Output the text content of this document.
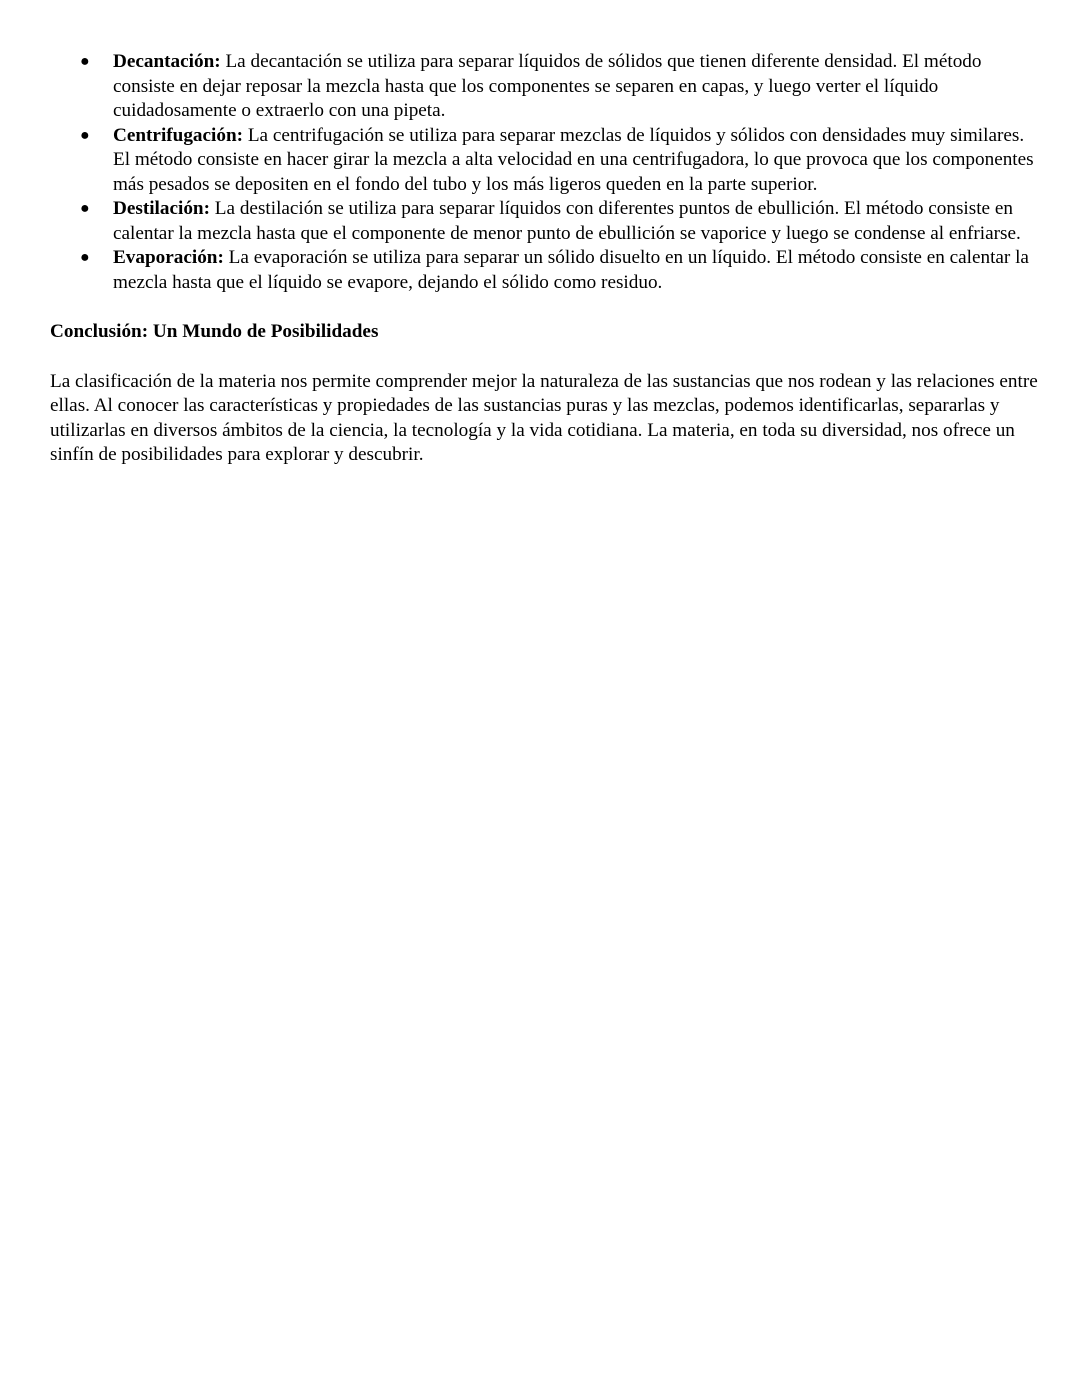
● Decantación: La decantación se utiliza para separar líquidos de sólidos que tienen diferente densidad. El método consiste en dejar reposar la mezcla hasta que los componentes se separen en capas, y luego verter el líquido cuidadosamente o extraerlo con una pipeta.
● Centrifugación: La centrifugación se utiliza para separar mezclas de líquidos y sólidos con densidades muy similares. El método consiste en hacer girar la mezcla a alta velocidad en una centrifugadora, lo que provoca que los componentes más pesados se depositen en el fondo del tubo y los más ligeros queden en la parte superior.
● Destilación: La destilación se utiliza para separar líquidos con diferentes puntos de ebullición. El método consiste en calentar la mezcla hasta que el componente de menor punto de ebullición se vaporice y luego se condense al enfriarse.
● Evaporación: La evaporación se utiliza para separar un sólido disuelto en un líquido. El método consiste en calentar la mezcla hasta que el líquido se evapore, dejando el sólido como residuo.
Conclusión: Un Mundo de Posibilidades

La clasificación de la materia nos permite comprender mejor la naturaleza de las sustancias que nos rodean y las relaciones entre ellas. Al conocer las características y propiedades de las sustancias puras y las mezclas, podemos identificarlas, separarlas y utilizarlas en diversos ámbitos de la ciencia, la tecnología y la vida cotidiana. La materia, en toda su diversidad, nos ofrece un sinfín de posibilidades para explorar y descubrir.
